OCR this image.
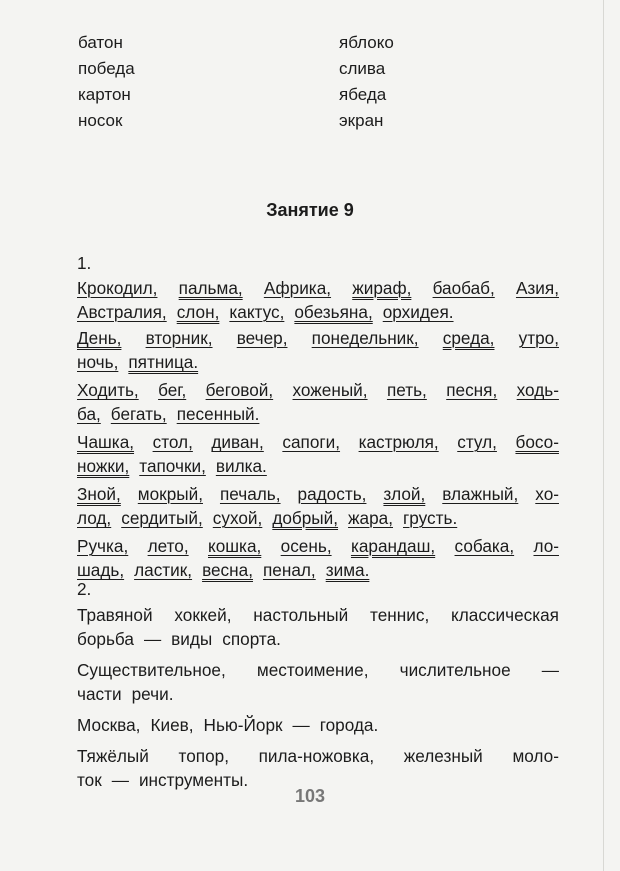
батон	яблоко
победа	слива
картон	ябеда
носок	экран
Занятие 9
1.
Крокодил, пальма, Африка, жираф, баобаб, Азия,
Австралия, слон, кактус, обезьяна, орхидея.
День, вторник, вечер, понедельник, среда, утро,
ночь, пятница.
Ходить, бег, беговой, хоженый, петь, песня, ходь-
ба, бегать, песенный.
Чашка, стол, диван, сапоги, кастрюля, стул, босо-
ножки, тапочки, вилка.
Зной, мокрый, печаль, радость, злой, влажный, хо-
лод, сердитый, сухой, добрый, жара, грусть.
Ручка, лето, кошка, осень, карандаш, собака, ло-
шадь, ластик, весна, пенал, зима.
2.
Травяной хоккей, настольный теннис, классическая
борьба — виды спорта.
Существительное, местоимение, числительное —
части речи.
Москва, Киев, Нью-Йорк — города.
Тяжёлый топор, пила-ножовка, железный моло-
ток — инструменты.
103
